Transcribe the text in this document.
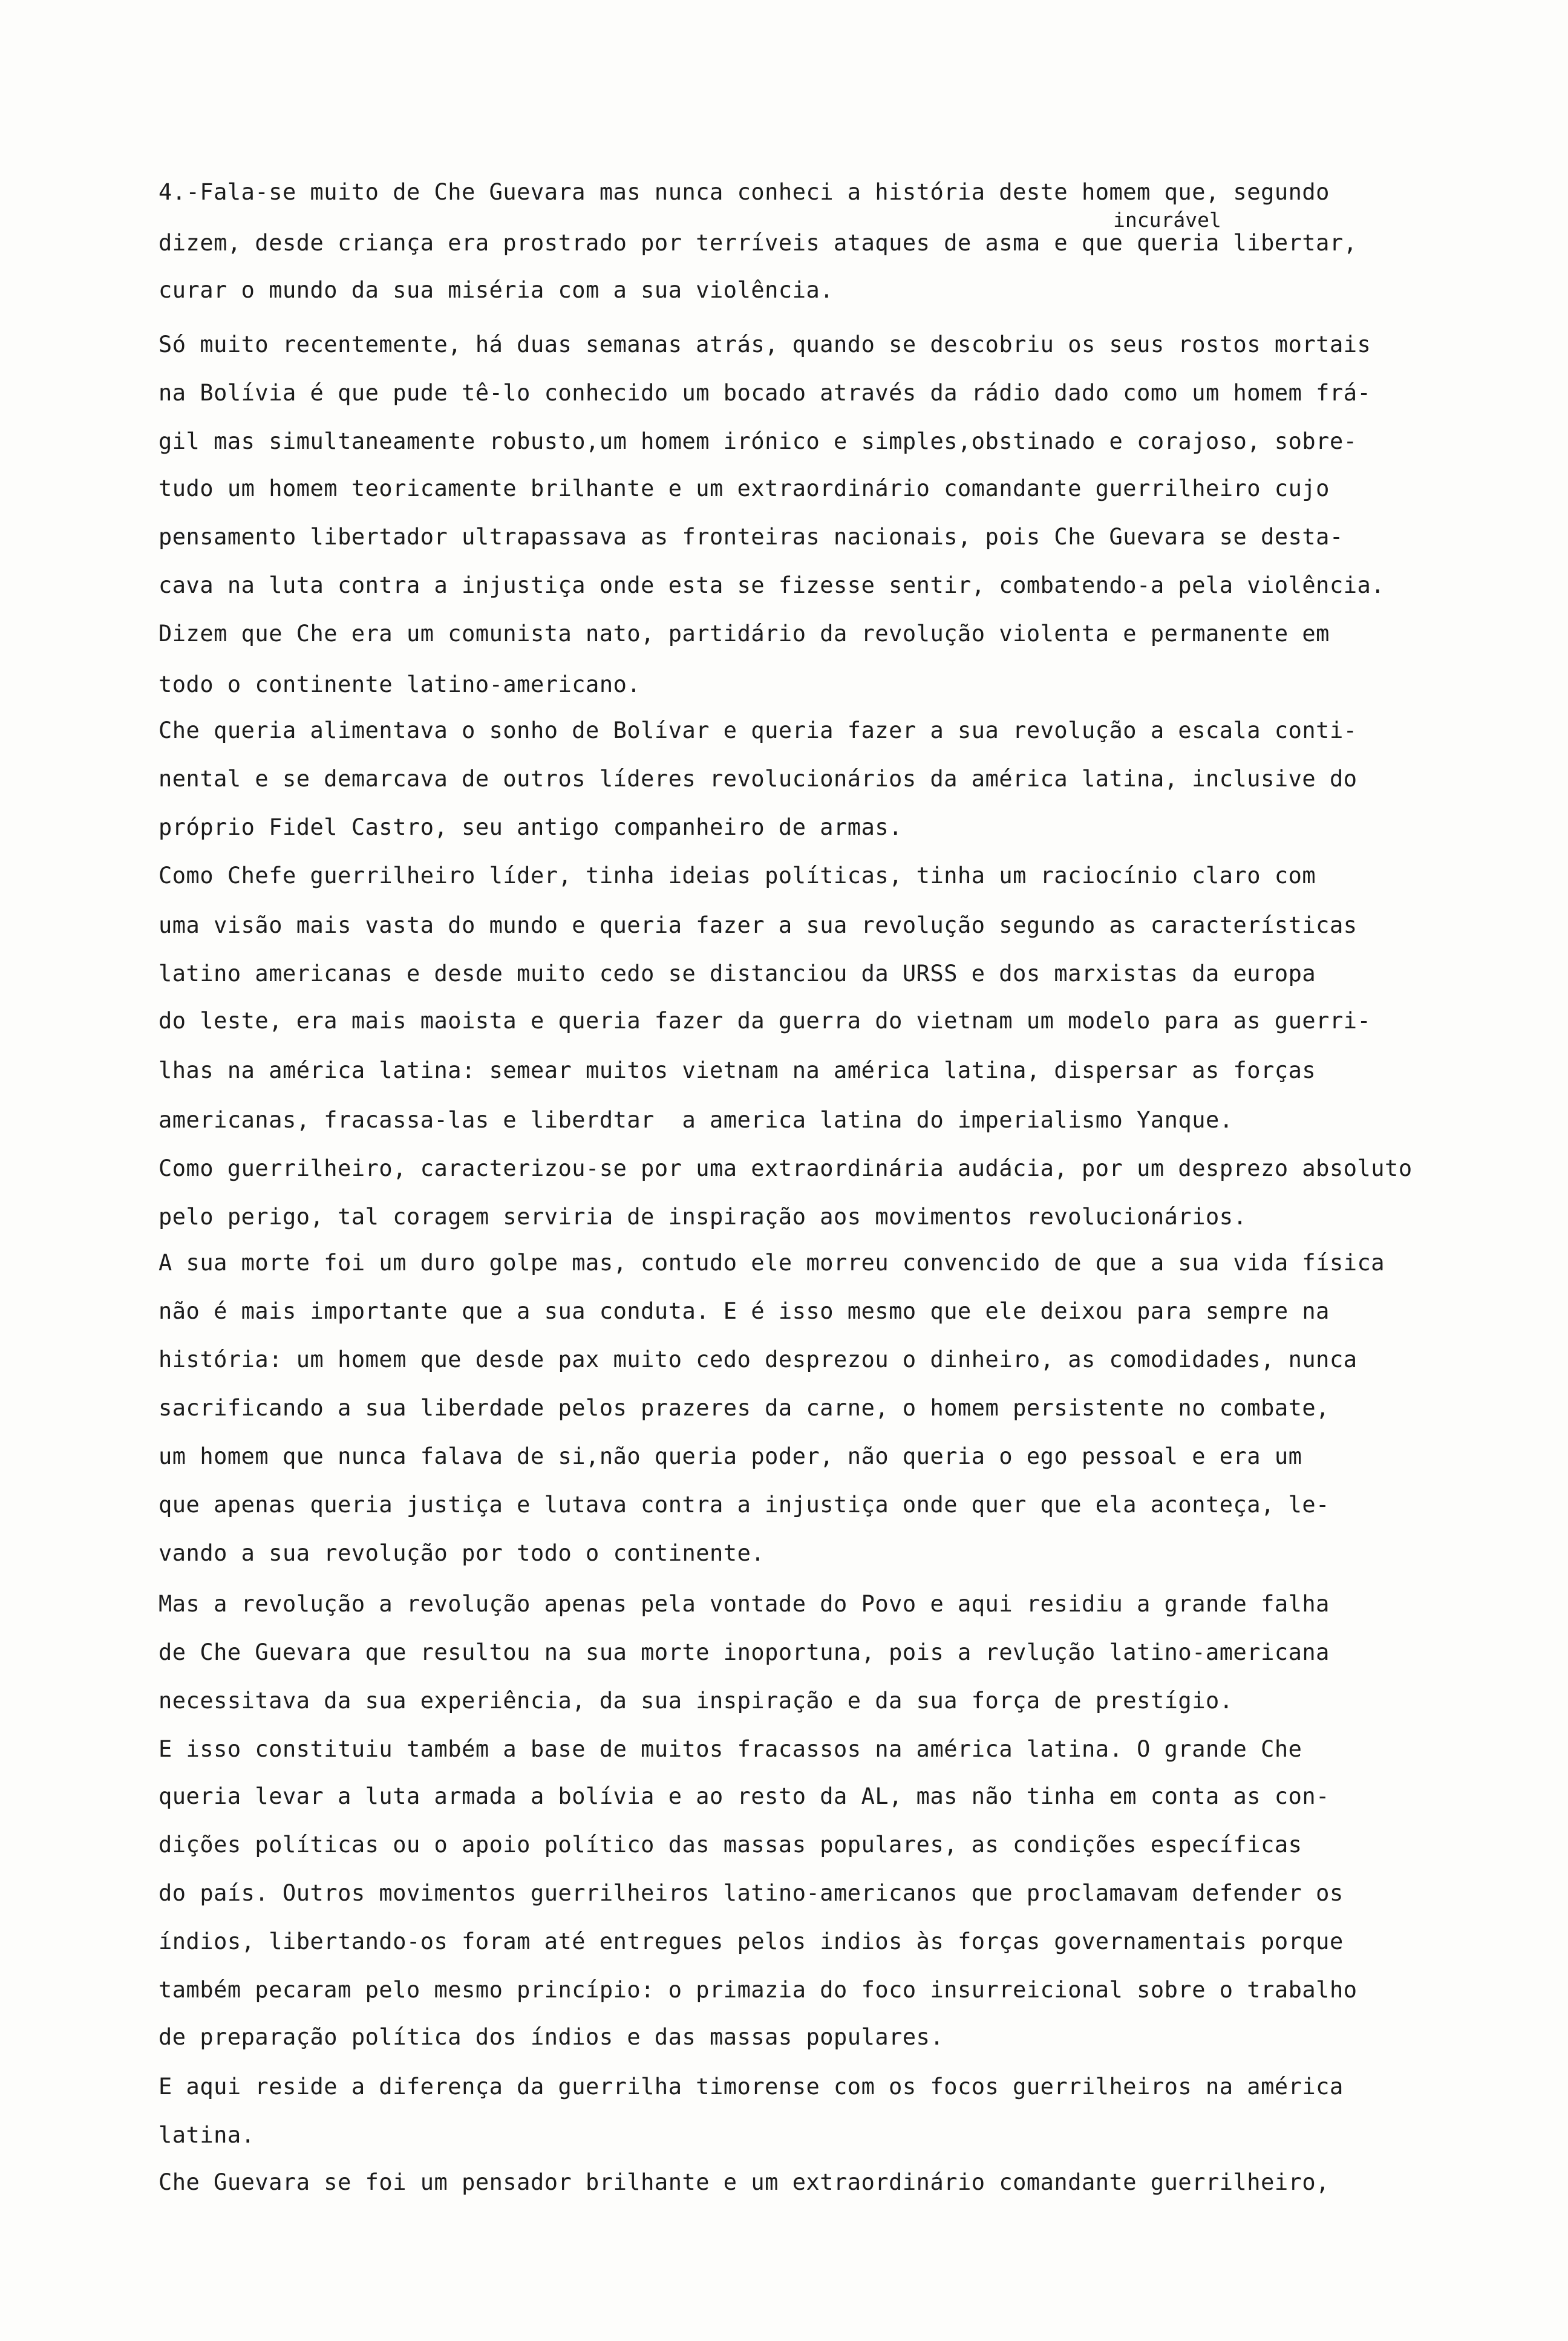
incurável
4.-Fala-se muito de Che Guevara mas nunca conheci a história deste homem que, segundo
dizem, desde criança era prostrado por terríveis ataques de asma e que queria libertar,
curar o mundo da sua miséria com a sua violência.
Só muito recentemente, há duas semanas atrás, quando se descobriu os seus rostos mortais
na Bolívia é que pude tê-lo conhecido um bocado através da rádio dado como um homem frá-
gil mas simultaneamente robusto,um homem irónico e simples,obstinado e corajoso, sobre-
tudo um homem teoricamente brilhante e um extraordinário comandante guerrilheiro cujo
pensamento libertador ultrapassava as fronteiras nacionais, pois Che Guevara se desta-
cava na luta contra a injustiça onde esta se fizesse sentir, combatendo-a pela violência.
Dizem que Che era um comunista nato, partidário da revolução violenta e permanente em
todo o continente latino-americano.
Che queria alimentava o sonho de Bolívar e queria fazer a sua revolução a escala conti-
nental e se demarcava de outros líderes revolucionários da américa latina, inclusive do
próprio Fidel Castro, seu antigo companheiro de armas.
Como Chefe guerrilheiro líder, tinha ideias políticas, tinha um raciocínio claro com
uma visão mais vasta do mundo e queria fazer a sua revolução segundo as características
latino americanas e desde muito cedo se distanciou da URSS e dos marxistas da europa
do leste, era mais maoista e queria fazer da guerra do vietnam um modelo para as guerri-
lhas na américa latina: semear muitos vietnam na américa latina, dispersar as forças
americanas, fracassa-las e liberdtar  a america latina do imperialismo Yanque.
Como guerrilheiro, caracterizou-se por uma extraordinária audácia, por um desprezo absoluto
pelo perigo, tal coragem serviria de inspiração aos movimentos revolucionários.
A sua morte foi um duro golpe mas, contudo ele morreu convencido de que a sua vida física
não é mais importante que a sua conduta. E é isso mesmo que ele deixou para sempre na
história: um homem que desde pax muito cedo desprezou o dinheiro, as comodidades, nunca
sacrificando a sua liberdade pelos prazeres da carne, o homem persistente no combate,
um homem que nunca falava de si,não queria poder, não queria o ego pessoal e era um
que apenas queria justiça e lutava contra a injustiça onde quer que ela aconteça, le-
vando a sua revolução por todo o continente.
Mas a revolução a revolução apenas pela vontade do Povo e aqui residiu a grande falha
de Che Guevara que resultou na sua morte inoportuna, pois a revlução latino-americana
necessitava da sua experiência, da sua inspiração e da sua força de prestígio.
E isso constituiu também a base de muitos fracassos na américa latina. O grande Che
queria levar a luta armada a bolívia e ao resto da AL, mas não tinha em conta as con-
dições políticas ou o apoio político das massas populares, as condições específicas
do país. Outros movimentos guerrilheiros latino-americanos que proclamavam defender os
índios, libertando-os foram até entregues pelos indios às forças governamentais porque
também pecaram pelo mesmo princípio: o primazia do foco insurreicional sobre o trabalho
de preparação política dos índios e das massas populares.
E aqui reside a diferença da guerrilha timorense com os focos guerrilheiros na américa
latina.
Che Guevara se foi um pensador brilhante e um extraordinário comandante guerrilheiro,
